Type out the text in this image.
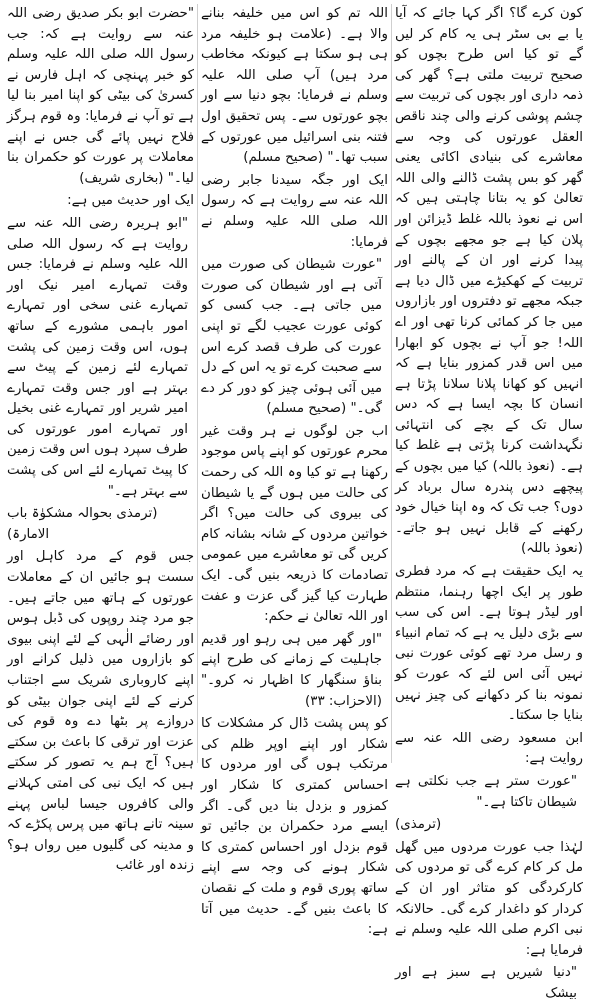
کون کرے گا؟ اگر کہا جائے کہ آیا یا بے بی سٹر ہی یہ کام کر لیں گے تو کیا اس طرح بچوں کو صحیح تربیت ملتی ہے؟ گھر کی ذمہ داری اور بچوں کی تربیت سے چشم پوشی کرنے والی چند ناقص العقل عورتوں کی وجہ سے معاشرے کی بنیادی اکائی یعنی گھر کو بس پشت ڈالنے والی اللہ تعالیٰ کو یہ بتانا چاہتی ہیں کہ اس نے نعوذ باللہ غلط ڈیزائن اور پلان کیا ہے جو مجھے بچوں کے پیدا کرنے اور ان کے پالنے اور تربیت کے کھکیڑے میں ڈال دیا ہے جبکہ مجھے تو دفتروں اور بازاروں میں جا کر کمائی کرنا تھی اور اے اللہ! جو آپ نے بچوں کو ابھارا میں اس قدر کمزور بنایا ہے کہ انہیں کو کھانا پلانا سلانا پڑتا ہے انسان کا بچہ ایسا ہے کہ دس سال تک کے بچے کی انتہائی نگہداشت کرنا پڑتی ہے غلط کیا ہے۔ (نعوذ باللہ) کیا میں بچوں کے پیچھے دس پندرہ سال برباد کر دوں؟ جب تک کہ وہ اپنا خیال خود رکھنے کے قابل نہیں ہو جاتے۔ (نعوذ باللہ)

یہ ایک حقیقت ہے کہ مرد فطری طور پر ایک اچھا رہنما، منتظم اور لیڈر ہوتا ہے۔ اس کی سب سے بڑی دلیل یہ ہے کہ تمام انبیاء و رسل مرد تھے کوئی عورت نبی نہیں آئی اس لئے کہ عورت کو نمونہ بنا کر دکھانے کی چیز نہیں بنایا جا سکتا۔

ابن مسعود رضی اللہ عنہ سے روایت ہے:

"عورت ستر ہے جب نکلتی ہے شیطان تاکتا ہے۔"

(ترمذی)

لہٰذا جب عورت مردوں میں گھل مل کر کام کرے گی تو مردوں کی کارکردگی کو متاثر اور ان کے کردار کو داغدار کرے گی۔ حالانکہ نبی اکرم صلی اللہ علیہ وسلم نے فرمایا ہے:

"دنیا شیریں ہے سبز ہے اور بیشک

اللہ تم کو اس میں خلیفہ بنانے والا ہے۔ (علامت ہو خلیفہ مرد ہی ہو سکتا ہے کیونکہ مخاطب مرد ہیں) آپ صلی اللہ علیہ وسلم نے فرمایا: بچو دنیا سے اور بچو عورتوں سے۔ پس تحقیق اول فتنہ بنی اسرائیل میں عورتوں کے سبب تھا۔" (صحیح مسلم)

ایک اور جگہ سیدنا جابر رضی اللہ عنہ سے روایت ہے کہ رسول اللہ صلی اللہ علیہ وسلم نے فرمایا:

"عورت شیطان کی صورت میں آتی ہے اور شیطان کی صورت میں جاتی ہے۔ جب کسی کو کوئی عورت عجیب لگے تو اپنی عورت کی طرف قصد کرے اس سے صحبت کرے تو یہ اس کے دل میں آئی ہوئی چیز کو دور کر دے گی۔" (صحیح مسلم)

اب جن لوگوں نے ہر وقت غیر محرم عورتوں کو اپنے پاس موجود رکھنا ہے تو کیا وہ اللہ کی رحمت کی حالت میں ہوں گے یا شیطان کی بیروی کی حالت میں؟ اگر خواتین مردوں کے شانہ بشانہ کام کریں گی تو معاشرے میں عمومی تصادمات کا ذریعہ بنیں گی۔ ایک طہارت کیا گیز گی عزت و عفت اور اللہ تعالیٰ نے حکم:

"اور گھر میں ہی رہو اور قدیم جاہلیت کے زمانے کی طرح اپنے بناؤ سنگھار کا اظہار نہ کرو۔" (الاحزاب: ۳۳)

کو پس پشت ڈال کر مشکلات کا شکار اور اپنے اوپر ظلم کی مرتکب ہوں گی اور مردوں کا احساس کمتری کا شکار اور کمزور و بزدل بنا دیں گی۔ اگر ایسے مرد حکمران بن جائیں تو قوم بزدل اور احساس کمتری کا شکار ہونے کی وجہ سے اپنے ساتھ پوری قوم و ملت کے نقصان کا باعث بنیں گے۔ حدیث میں آتا ہے:

"حضرت ابو بکر صدیق رضی اللہ عنہ سے روایت ہے کہ: جب رسول اللہ صلی اللہ علیہ وسلم کو خبر پہنچی کہ اہل فارس نے کسریٰ کی بیٹی کو اپنا امیر بنا لیا ہے تو آپ نے فرمایا: وہ قوم ہرگز فلاح نہیں پائے گی جس نے اپنے معاملات پر عورت کو حکمران بنا لیا۔" (بخاری شریف)

ایک اور حدیث میں ہے:

"ابو ہریرہ رضی اللہ عنہ سے روایت ہے کہ رسول اللہ صلی اللہ علیہ وسلم نے فرمایا: جس وقت تمہارے امیر نیک اور تمہارے غنی سخی اور تمہارے امور باہمی مشورے کے ساتھ ہوں، اس وقت زمین کی پشت تمہارے لئے زمین کے پیٹ سے بہتر ہے اور جس وقت تمہارے امیر شریر اور تمہارے غنی بخیل اور تمہارے امور عورتوں کی طرف سپرد ہوں اس وقت زمین کا پیٹ تمہارے لئے اس کی پشت سے بہتر ہے۔"

(ترمذی بحوالہ مشکوٰۃ باب الامارۃ)

جس قوم کے مرد کاہل اور سست ہو جائیں ان کے معاملات عورتوں کے ہاتھ میں جاتے ہیں۔ جو مرد چند روپوں کی ڈبل ہوس اور رضائے الٰہی کے لئے اپنی بیوی کو بازاروں میں ذلیل کرانے اور اپنے کاروباری شریک سے اجتناب کرنے کے لئے اپنی جوان بیٹی کو دروازے پر بٹھا دے وہ قوم کی عزت اور ترقی کا باعث بن سکتے ہیں؟ آج ہم یہ تصور کر سکتے ہیں کہ ایک نبی کی امتی کہلانے والی کافروں جیسا لباس پہنے سینہ تانے ہاتھ میں پرس پکڑے کہ و مدینہ کی گلیوں میں رواں ہو؟ زندہ اور غائب
